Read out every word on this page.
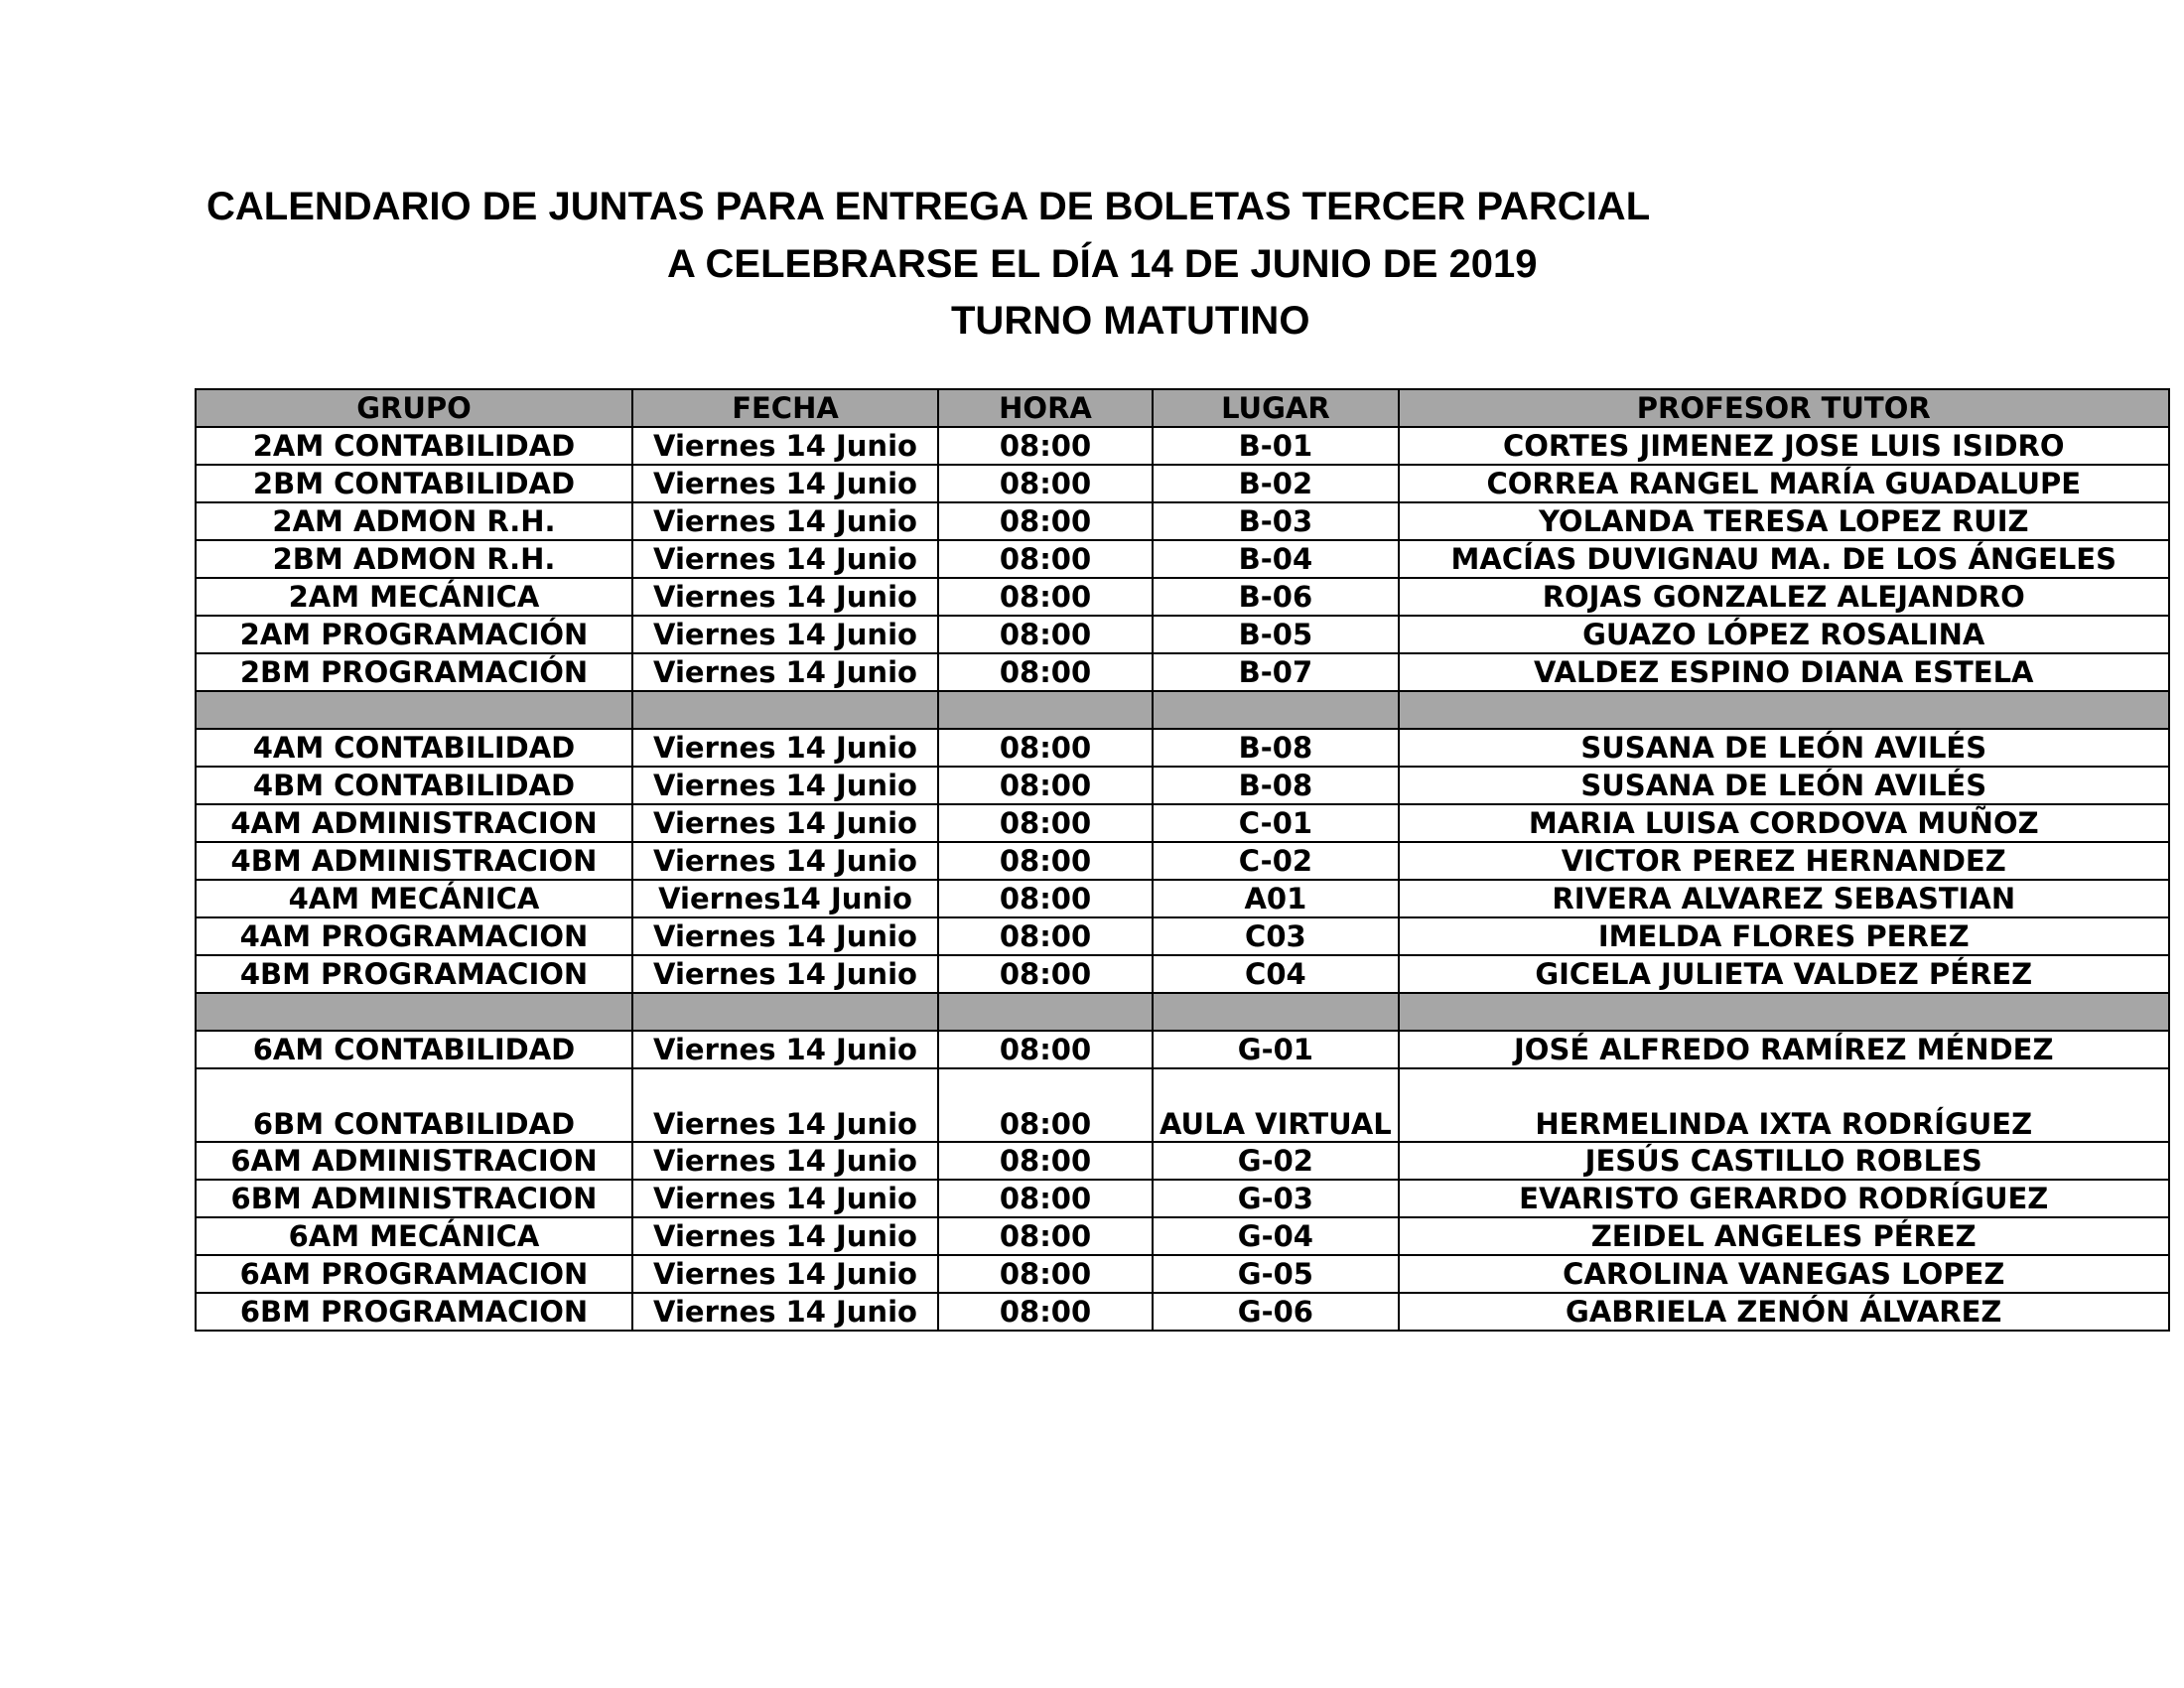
CALENDARIO DE JUNTAS PARA ENTREGA DE BOLETAS TERCER PARCIAL
A CELEBRARSE EL DÍA 14 DE JUNIO DE 2019
TURNO MATUTINO
GRUPO	FECHA	HORA	LUGAR	PROFESOR TUTOR
2AM CONTABILIDAD	Viernes 14 Junio	08:00	B-01	CORTES JIMENEZ JOSE LUIS ISIDRO
2BM CONTABILIDAD	Viernes 14 Junio	08:00	B-02	CORREA RANGEL MARÍA GUADALUPE
2AM ADMON R.H.	Viernes 14 Junio	08:00	B-03	YOLANDA TERESA LOPEZ RUIZ
2BM ADMON R.H.	Viernes 14 Junio	08:00	B-04	MACÍAS DUVIGNAU MA. DE LOS ÁNGELES
2AM MECÁNICA	Viernes 14 Junio	08:00	B-06	ROJAS GONZALEZ ALEJANDRO
2AM PROGRAMACIÓN	Viernes 14 Junio	08:00	B-05	GUAZO LÓPEZ ROSALINA
2BM PROGRAMACIÓN	Viernes 14 Junio	08:00	B-07	VALDEZ ESPINO DIANA ESTELA

4AM CONTABILIDAD	Viernes 14 Junio	08:00	B-08	SUSANA DE LEÓN AVILÉS
4BM CONTABILIDAD	Viernes 14 Junio	08:00	B-08	SUSANA DE LEÓN AVILÉS
4AM ADMINISTRACION	Viernes 14 Junio	08:00	C-01	MARIA LUISA CORDOVA MUÑOZ
4BM ADMINISTRACION	Viernes 14 Junio	08:00	C-02	VICTOR PEREZ HERNANDEZ
4AM MECÁNICA	Viernes14 Junio	08:00	A01	RIVERA ALVAREZ SEBASTIAN
4AM PROGRAMACION	Viernes 14 Junio	08:00	C03	IMELDA FLORES PEREZ
4BM PROGRAMACION	Viernes 14 Junio	08:00	C04	GICELA JULIETA VALDEZ PÉREZ

6AM CONTABILIDAD	Viernes 14 Junio	08:00	G-01	JOSÉ ALFREDO RAMÍREZ MÉNDEZ
6BM CONTABILIDAD	Viernes 14 Junio	08:00	AULA VIRTUAL	HERMELINDA IXTA RODRÍGUEZ
6AM ADMINISTRACION	Viernes 14 Junio	08:00	G-02	JESÚS CASTILLO ROBLES
6BM ADMINISTRACION	Viernes 14 Junio	08:00	G-03	EVARISTO GERARDO RODRÍGUEZ
6AM MECÁNICA	Viernes 14 Junio	08:00	G-04	ZEIDEL ANGELES PÉREZ
6AM PROGRAMACION	Viernes 14 Junio	08:00	G-05	CAROLINA VANEGAS LOPEZ
6BM PROGRAMACION	Viernes 14 Junio	08:00	G-06	GABRIELA ZENÓN ÁLVAREZ
